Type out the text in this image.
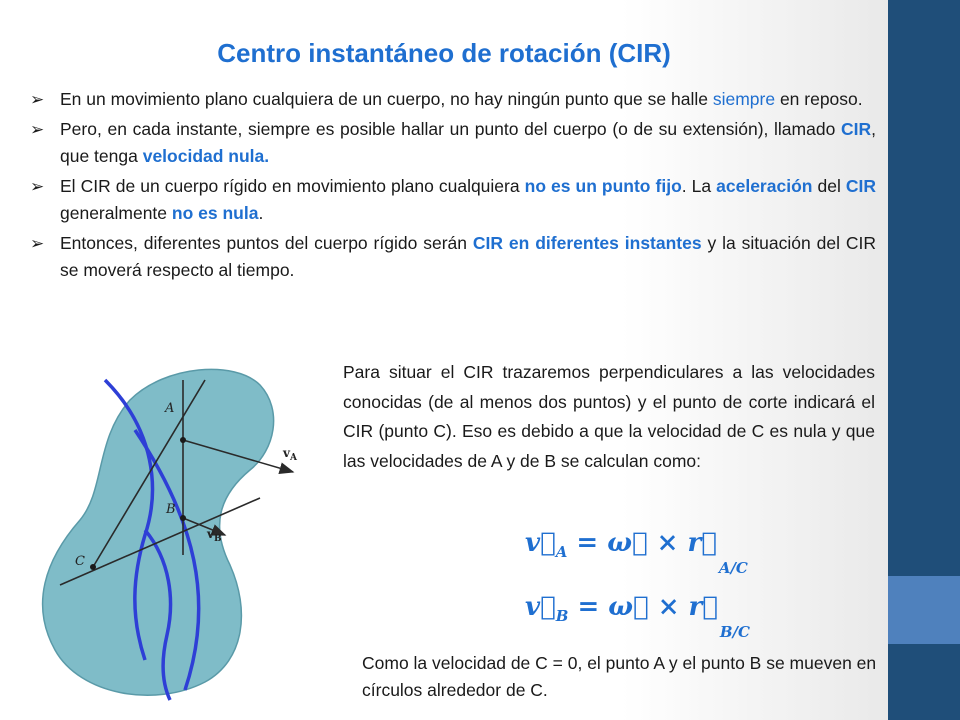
Centro instantáneo de rotación (CIR)
➢ En un movimiento plano cualquiera de un cuerpo, no hay ningún punto que se halle siempre en reposo.
➢ Pero, en cada instante, siempre es posible hallar un punto del cuerpo (o de su extensión), llamado CIR, que tenga velocidad nula.
➢ El CIR de un cuerpo rígido en movimiento plano cualquiera no es un punto fijo. La aceleración del CIR generalmente no es nula.
➢ Entonces, diferentes puntos del cuerpo rígido serán CIR en diferentes instantes y la situación del CIR se moverá respecto al tiempo.
Para situar el CIR trazaremos perpendiculares a las velocidades conocidas (de al menos dos puntos) y el punto de corte indicará el CIR (punto C). Eso es debido a que la velocidad de C es nula y que las velocidades de A y de B se calculan como:
$v⃗_A$ = ω⃗ × $r⃗_{A/C}$
$v⃗_B$ = ω⃗ × $r⃗_{B/C}$
Como la velocidad de C = 0, el punto A y el punto B se mueven en círculos alrededor de C.
A
B
C
$v_A$
$v_B$
